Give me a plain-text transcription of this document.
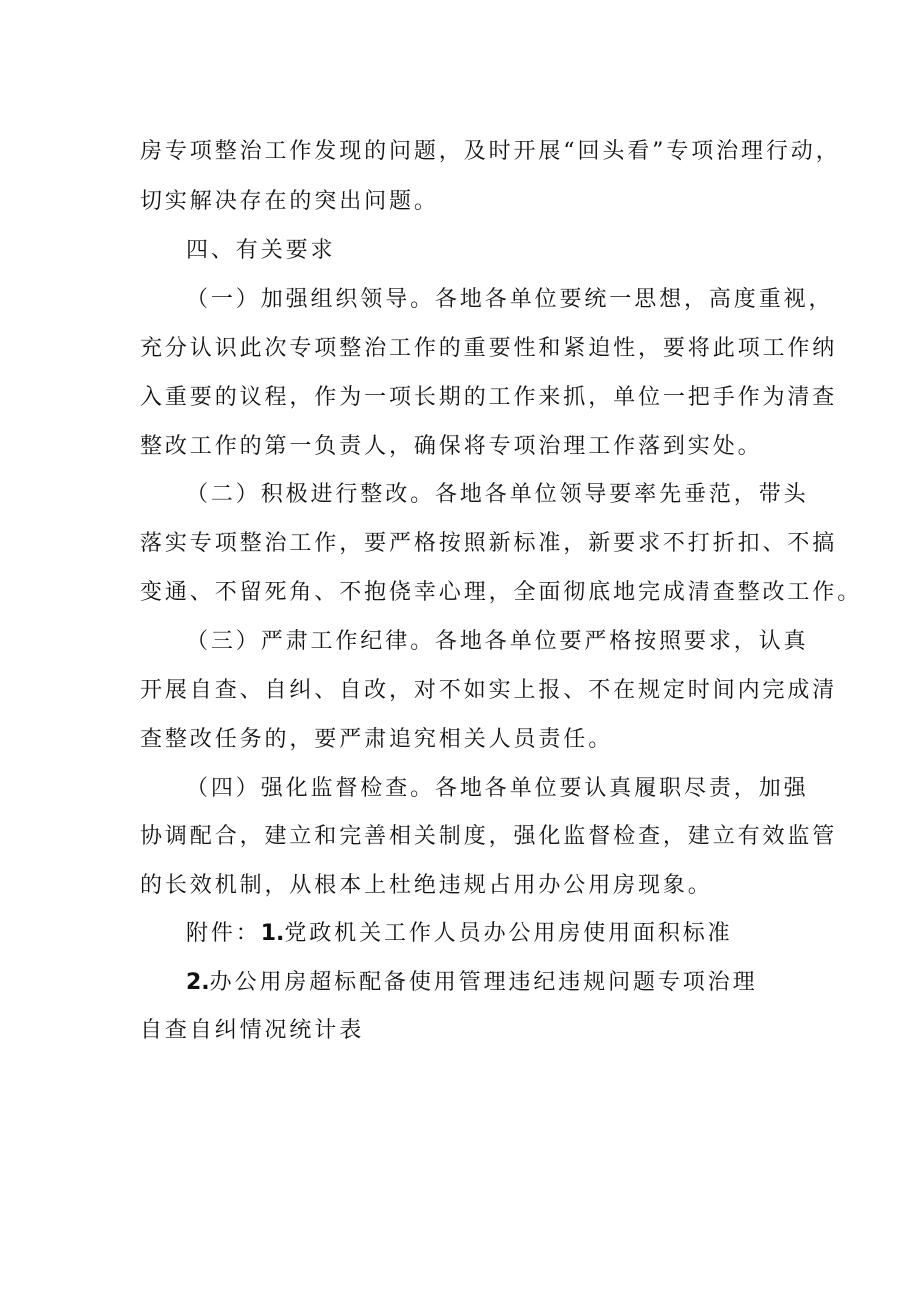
房专项整治工作发现的问题，及时开展“回头看”专项治理行动，
切实解决存在的突出问题。
四、有关要求
（一）加强组织领导。各地各单位要统一思想，高度重视，
充分认识此次专项整治工作的重要性和紧迫性，要将此项工作纳
入重要的议程，作为一项长期的工作来抓，单位一把手作为清查
整改工作的第一负责人，确保将专项治理工作落到实处。
（二）积极进行整改。各地各单位领导要率先垂范，带头
落实专项整治工作，要严格按照新标准，新要求不打折扣、不搞
变通、不留死角、不抱侥幸心理，全面彻底地完成清查整改工作。
（三）严肃工作纪律。各地各单位要严格按照要求，认真
开展自查、自纠、自改，对不如实上报、不在规定时间内完成清
查整改任务的，要严肃追究相关人员责任。
（四）强化监督检查。各地各单位要认真履职尽责，加强
协调配合，建立和完善相关制度，强化监督检查，建立有效监管
的长效机制，从根本上杜绝违规占用办公用房现象。
附件：1.党政机关工作人员办公用房使用面积标准
2.办公用房超标配备使用管理违纪违规问题专项治理
自查自纠情况统计表
